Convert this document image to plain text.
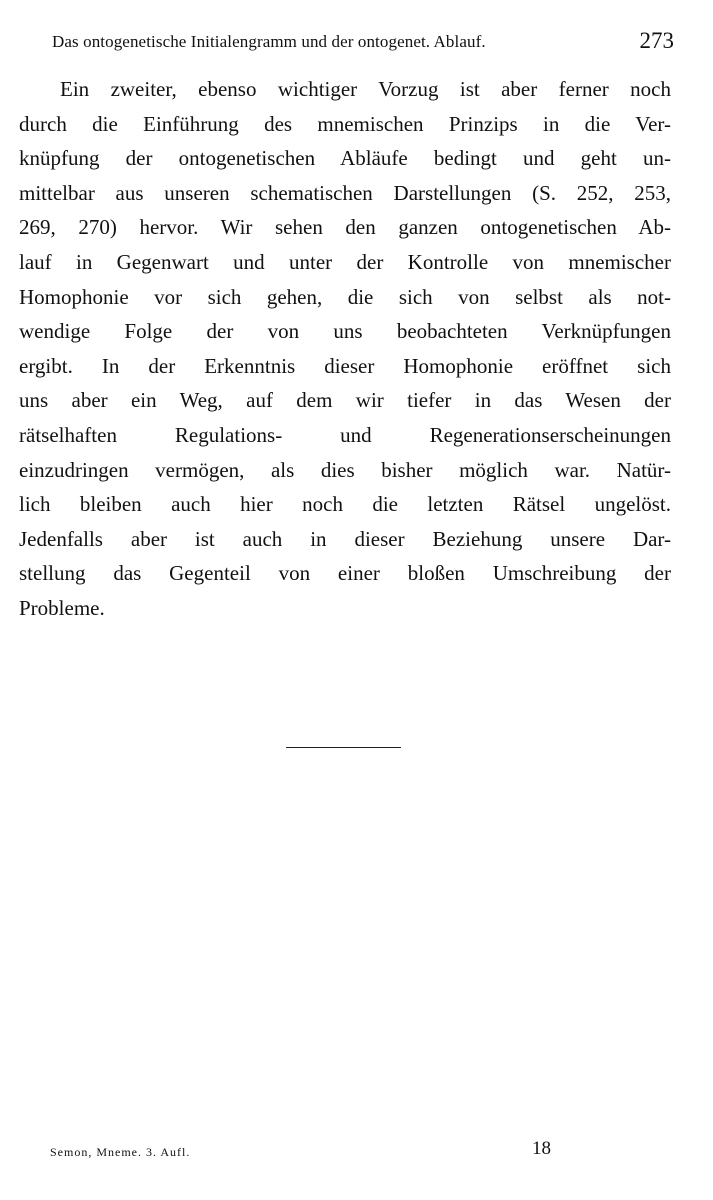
Das ontogenetische Initialengramm und der ontogenet. Ablauf.	273
Ein zweiter, ebenso wichtiger Vorzug ist aber ferner noch
durch die Einführung des mnemischen Prinzips in die Ver-
knüpfung der ontogenetischen Abläufe bedingt und geht un-
mittelbar aus unseren schematischen Darstellungen (S. 252, 253,
269, 270) hervor. Wir sehen den ganzen ontogenetischen Ab-
lauf in Gegenwart und unter der Kontrolle von mnemischer
Homophonie vor sich gehen, die sich von selbst als not-
wendige Folge der von uns beobachteten Verknüpfungen
ergibt. In der Erkenntnis dieser Homophonie eröffnet sich
uns aber ein Weg, auf dem wir tiefer in das Wesen der
rätselhaften Regulations- und Regenerationserscheinungen
einzudringen vermögen, als dies bisher möglich war. Natür-
lich bleiben auch hier noch die letzten Rätsel ungelöst.
Jedenfalls aber ist auch in dieser Beziehung unsere Dar-
stellung das Gegenteil von einer bloßen Umschreibung der
Probleme.
Semon, Mneme. 3. Aufl.	18
